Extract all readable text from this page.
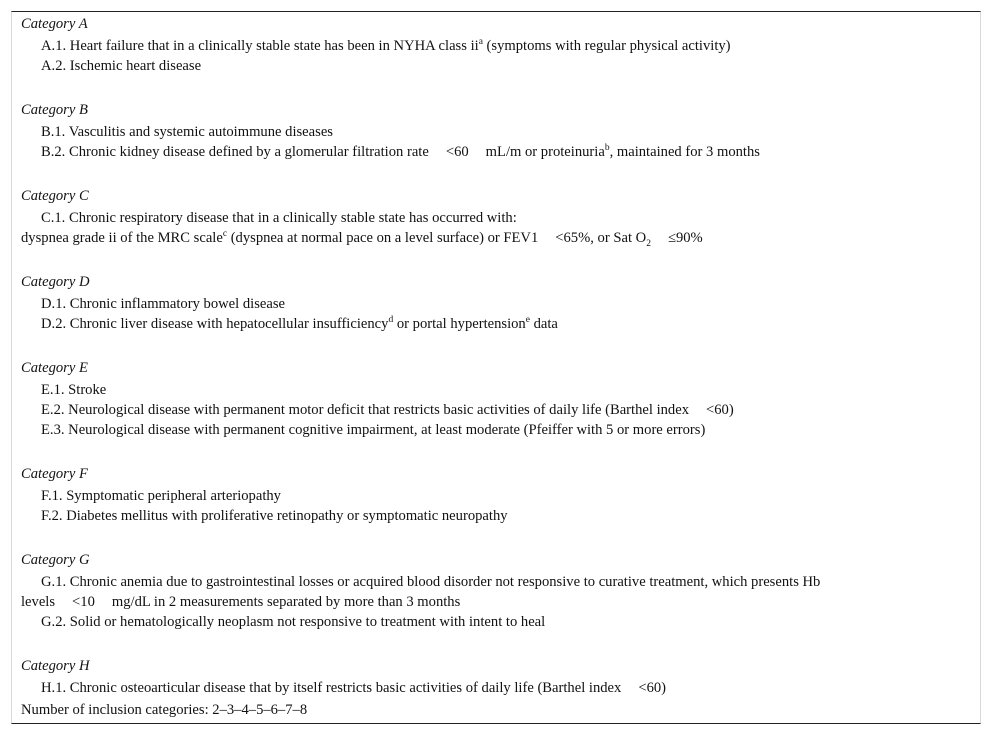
Category A
A.1. Heart failure that in a clinically stable state has been in NYHA class $ii^a$ (symptoms with regular physical activity)
A.2. Ischemic heart disease
Category B
B.1. Vasculitis and systemic autoimmune diseases
B.2. Chronic kidney disease defined by a glomerular filtration rate <60 mL/m or proteinuria$^b$, maintained for 3 months
Category C
C.1. Chronic respiratory disease that in a clinically stable state has occurred with:
dyspnea grade ii of the MRC scale$^c$ (dyspnea at normal pace on a level surface) or FEV1 <65%, or Sat $O_2 \le 90\%$
Category D
D.1. Chronic inflammatory bowel disease
D.2. Chronic liver disease with hepatocellular insufficiency$^d$ or portal hypertension$^e$ data
Category E
E.1. Stroke
E.2. Neurological disease with permanent motor deficit that restricts basic activities of daily life (Barthel index <60)
E.3. Neurological disease with permanent cognitive impairment, at least moderate (Pfeiffer with 5 or more errors)
Category F
F.1. Symptomatic peripheral arteriopathy
F.2. Diabetes mellitus with proliferative retinopathy or symptomatic neuropathy
Category G
G.1. Chronic anemia due to gastrointestinal losses or acquired blood disorder not responsive to curative treatment, which presents Hb
levels <10 mg/dL in 2 measurements separated by more than 3 months
G.2. Solid or hematologically neoplasm not responsive to treatment with intent to heal
Category H
H.1. Chronic osteoarticular disease that by itself restricts basic activities of daily life (Barthel index <60)
Number of inclusion categories: 2–3–4–5–6–7–8
